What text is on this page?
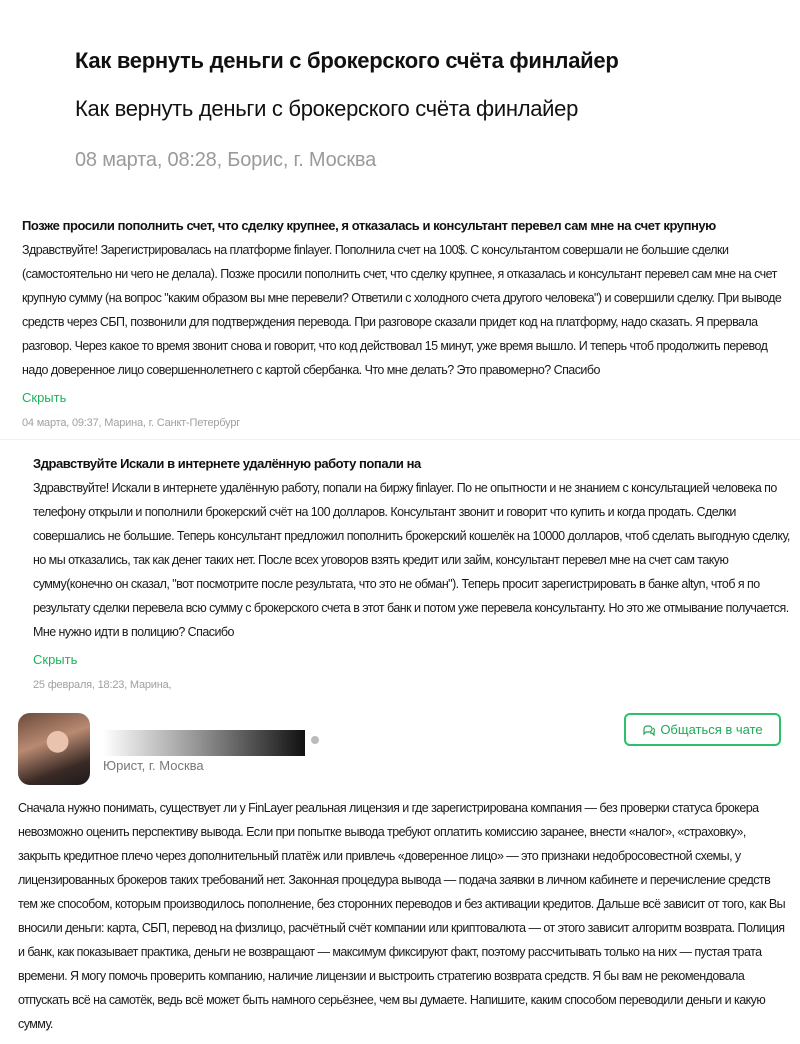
Как вернуть деньги с брокерского счёта финлайер
Как вернуть деньги с брокерского счёта финлайер
08 марта, 08:28, Борис, г. Москва
Позже просили пополнить счет, что сделку крупнее, я отказалась и консультант перевел сам мне на счет крупную
Здравствуйте! Зарегистрировалась на платформе finlayer. Пополнила счет на 100$. С консультантом совершали не большие сделки (самостоятельно ни чего не делала). Позже просили пополнить счет, что сделку крупнее, я отказалась и консультант перевел сам мне на счет крупную сумму (на вопрос "каким образом вы мне перевели? Ответили с холодного счета другого человека") и совершили сделку. При выводе средств через СБП, позвонили для подтверждения перевода. При разговоре сказали придет код на платформу, надо сказать. Я прервала разговор. Через какое то время звонит снова и говорит, что код действовал 15 минут, уже время вышло. И теперь чтоб продолжить перевод надо доверенное лицо совершеннолетнего с картой сбербанка. Что мне делать? Это правомерно? Спасибо
Скрыть
04 марта, 09:37, Марина, г. Санкт-Петербург
Здравствуйте Искали в интернете удалённую работу попали на
Здравствуйте! Искали в интернете удалённую работу, попали на биржу finlayer. По не опытности и не знанием с консультацией человека по телефону открыли и пополнили брокерский счёт на 100 долларов. Консультант звонит и говорит что купить и когда продать. Сделки совершались не большие. Теперь консультант предложил пополнить брокерский кошелёк на 10000 долларов, чтоб сделать выгодную сделку, но мы отказались, так как денег таких нет. После всех уговоров взять кредит или займ, консультант перевел мне на счет сам такую сумму(конечно он сказал, "вот посмотрите после результата, что это не обман"). Теперь просит зарегистрировать в банке altyn, чтоб я по результату сделки перевела всю сумму с брокерского счета в этот банк и потом уже перевела консультанту. Но это же отмывание получается. Мне нужно идти в полицию? Спасибо
Скрыть
25 февраля, 18:23, Марина,
Юрист, г. Москва
Общаться в чате
Сначала нужно понимать, существует ли у FinLayer реальная лицензия и где зарегистрирована компания — без проверки статуса брокера невозможно оценить перспективу вывода. Если при попытке вывода требуют оплатить комиссию заранее, внести «налог», «страховку», закрыть кредитное плечо через дополнительный платёж или привлечь «доверенное лицо» — это признаки недобросовестной схемы, у лицензированных брокеров таких требований нет. Законная процедура вывода — подача заявки в личном кабинете и перечисление средств тем же способом, которым производилось пополнение, без сторонних переводов и без активации кредитов. Дальше всё зависит от того, как Вы вносили деньги: карта, СБП, перевод на физлицо, расчётный счёт компании или криптовалюта — от этого зависит алгоритм возврата. Полиция и банк, как показывает практика, деньги не возвращают — максимум фиксируют факт, поэтому рассчитывать только на них — пустая трата времени. Я могу помочь проверить компанию, наличие лицензии и выстроить стратегию возврата средств. Я бы вам не рекомендовала отпускать всё на самотёк, ведь всё может быть намного серьёзнее, чем вы думаете. Напишите, каким способом переводили деньги и какую сумму.
